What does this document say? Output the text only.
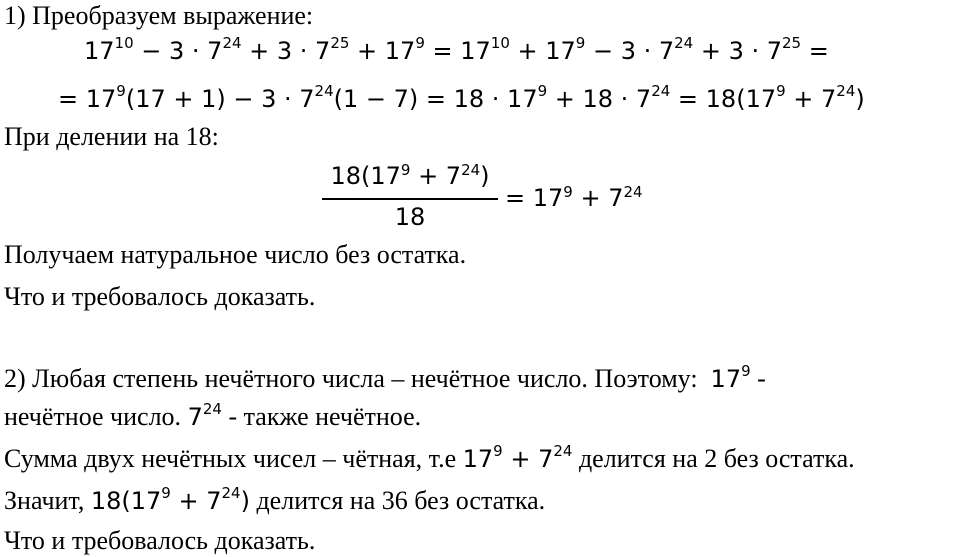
1) Преобразуем выражение:
$17^{10} - 3 \cdot 7^{24} + 3 \cdot 7^{25} + 17^9 = 17^{10} + 17^9 - 3 \cdot 7^{24} + 3 \cdot 7^{25}$ =
= $17^9(17 + 1) - 3 \cdot 7^{24}(1 - 7) = 18 \cdot 17^9 + 18 \cdot 7^{24} = 18(17^9 + 7^{24})$
При делении на 18:
$18(17^9 + 7^{24})$
18
= $17^9 + 7^{24}$
Получаем натуральное число без остатка.
Что и требовалось доказать.
2) Любая степень нечётного числа – нечётное число. Поэтому: $17^9$ -
нечётное число. $7^{24}$ - также нечётное.
Сумма двух нечётных чисел – чётная, т.е $17^9 + 7^{24}$ делится на 2 без остатка.
Значит, $18(17^9 + 7^{24})$ делится на 36 без остатка.
Что и требовалось доказать.
